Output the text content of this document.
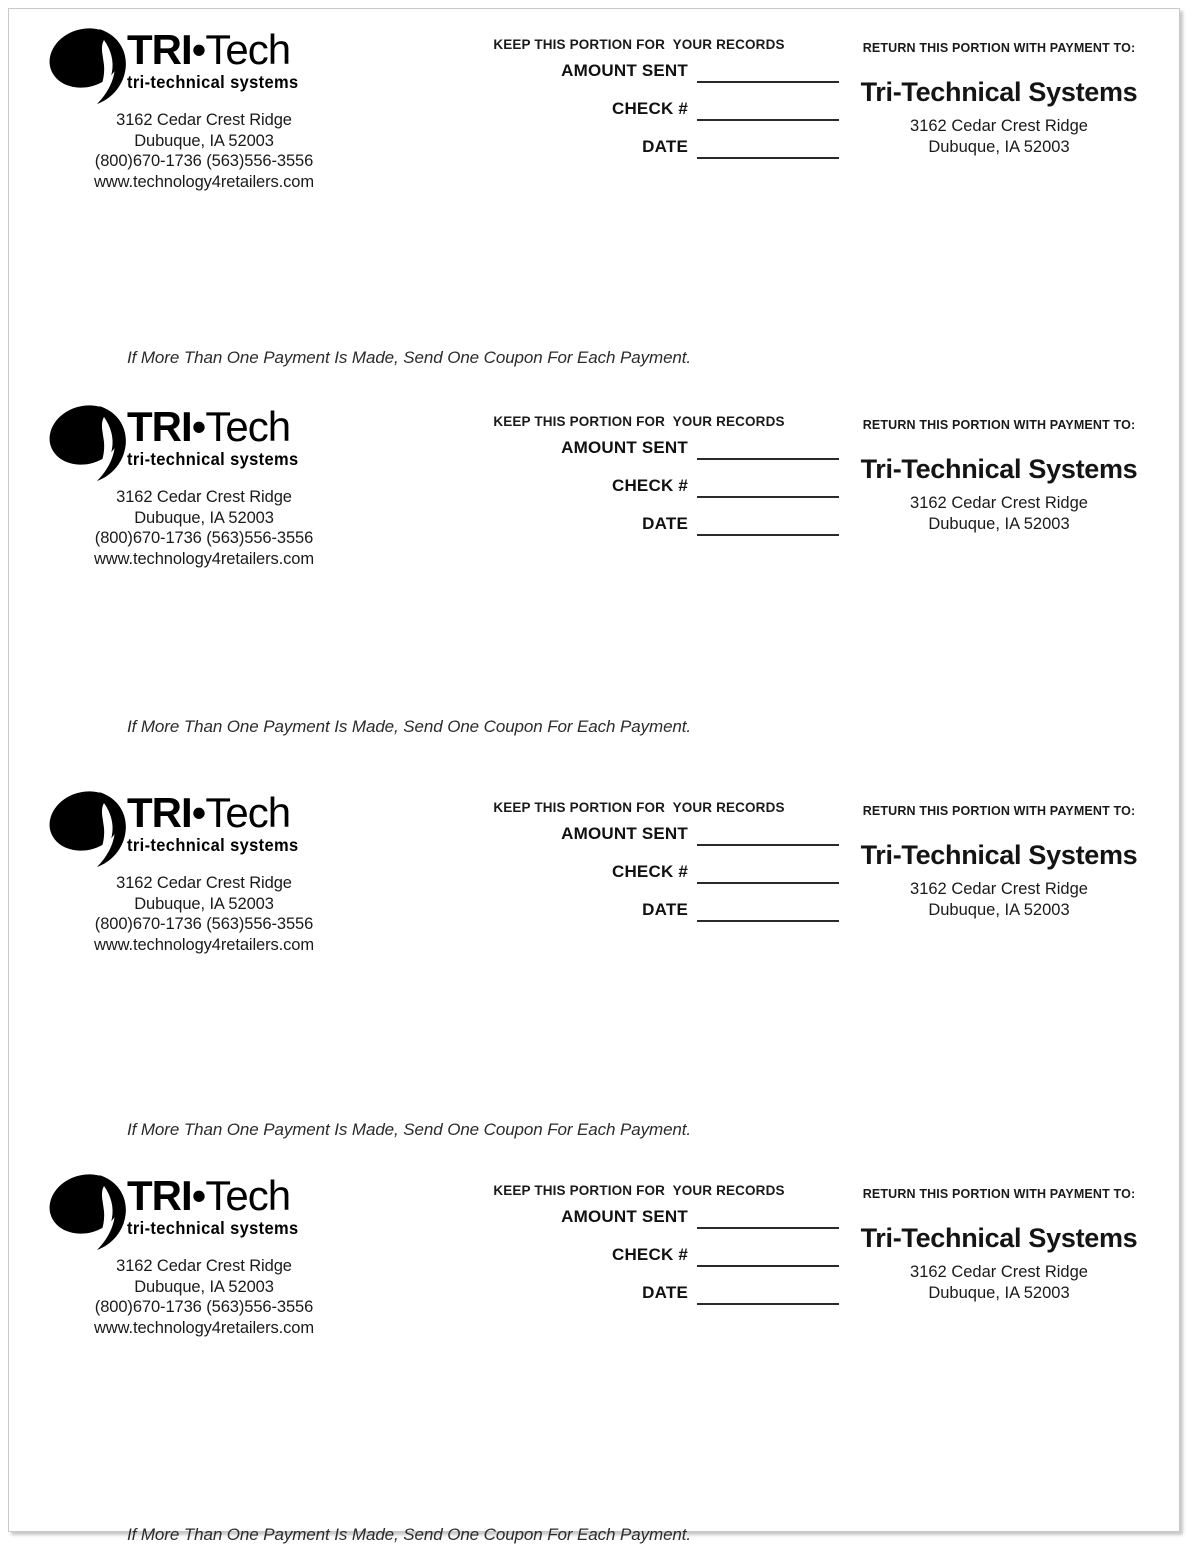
TRI•Tech
tri-technical systems
3162 Cedar Crest Ridge
Dubuque, IA 52003
(800)670-1736 (563)556-3556
www.technology4retailers.com
KEEP THIS PORTION FOR  YOUR RECORDS
AMOUNT SENT
CHECK #
DATE
RETURN THIS PORTION WITH PAYMENT TO:
Tri-Technical Systems
3162 Cedar Crest Ridge
Dubuque, IA 52003
If More Than One Payment Is Made, Send One Coupon For Each Payment.
TRI•Tech
tri-technical systems
3162 Cedar Crest Ridge
Dubuque, IA 52003
(800)670-1736 (563)556-3556
www.technology4retailers.com
KEEP THIS PORTION FOR  YOUR RECORDS
AMOUNT SENT
CHECK #
DATE
RETURN THIS PORTION WITH PAYMENT TO:
Tri-Technical Systems
3162 Cedar Crest Ridge
Dubuque, IA 52003
If More Than One Payment Is Made, Send One Coupon For Each Payment.
TRI•Tech
tri-technical systems
3162 Cedar Crest Ridge
Dubuque, IA 52003
(800)670-1736 (563)556-3556
www.technology4retailers.com
KEEP THIS PORTION FOR  YOUR RECORDS
AMOUNT SENT
CHECK #
DATE
RETURN THIS PORTION WITH PAYMENT TO:
Tri-Technical Systems
3162 Cedar Crest Ridge
Dubuque, IA 52003
If More Than One Payment Is Made, Send One Coupon For Each Payment.
TRI•Tech
tri-technical systems
3162 Cedar Crest Ridge
Dubuque, IA 52003
(800)670-1736 (563)556-3556
www.technology4retailers.com
KEEP THIS PORTION FOR  YOUR RECORDS
AMOUNT SENT
CHECK #
DATE
RETURN THIS PORTION WITH PAYMENT TO:
Tri-Technical Systems
3162 Cedar Crest Ridge
Dubuque, IA 52003
If More Than One Payment Is Made, Send One Coupon For Each Payment.
